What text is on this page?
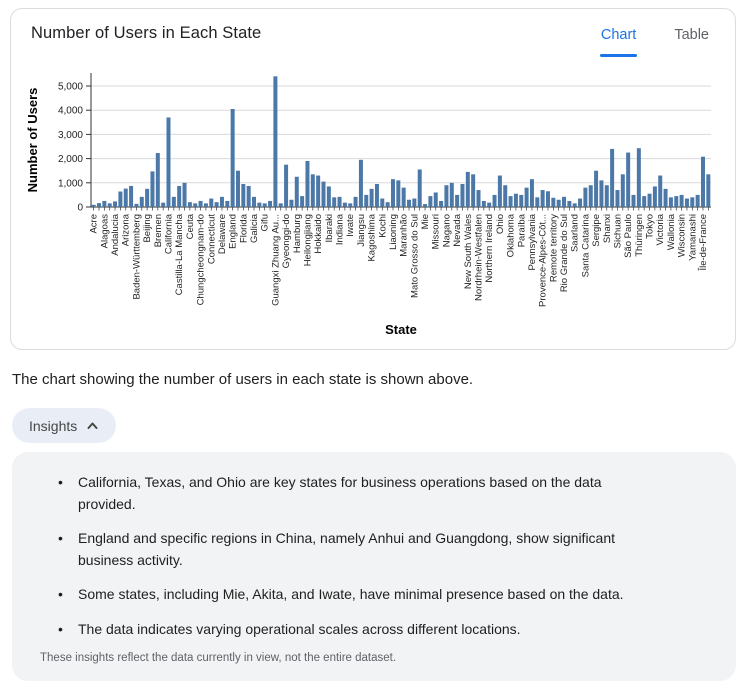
Number of Users in Each State	Chart	Table
0
1,000
2,000
3,000
4,000
5,000
Acre Alagoas Andalucia Arizona Baden-Württemberg Beijing Bremen California Castilla-La Mancha Ceuta Chungcheongnam-do Connecticut Delaware England Florida Galicia Gifu Guangxi Zhuang Au... Gyeonggi-do Hamburg Heilongjiang Hokkaido Ibaraki Indiana Iwate Jiangsu Kagoshima Kochi Liaoning Maranhão Mato Grosso do Sul Mie Missouri Nagano Nevada New South Wales Nordrhein-Westfalen Northern Ireland Ohio Oklahoma Paraíba Pennsylvania Provence-Alpes-Côt... Remote territory Rio Grande do Sul Saarland Santa Catarina Sergipe Shanxi Sichuan São Paulo Thüringen Tokyo Victoria Wallonia Wisconsin Yamanashi Île-de-France
Number of Users
State
The chart showing the number of users in each state is shown above.
Insights
• California, Texas, and Ohio are key states for business operations based on the data provided.
• England and specific regions in China, namely Anhui and Guangdong, show significant business activity.
• Some states, including Mie, Akita, and Iwate, have minimal presence based on the data.
• The data indicates varying operational scales across different locations.
These insights reflect the data currently in view, not the entire dataset.
